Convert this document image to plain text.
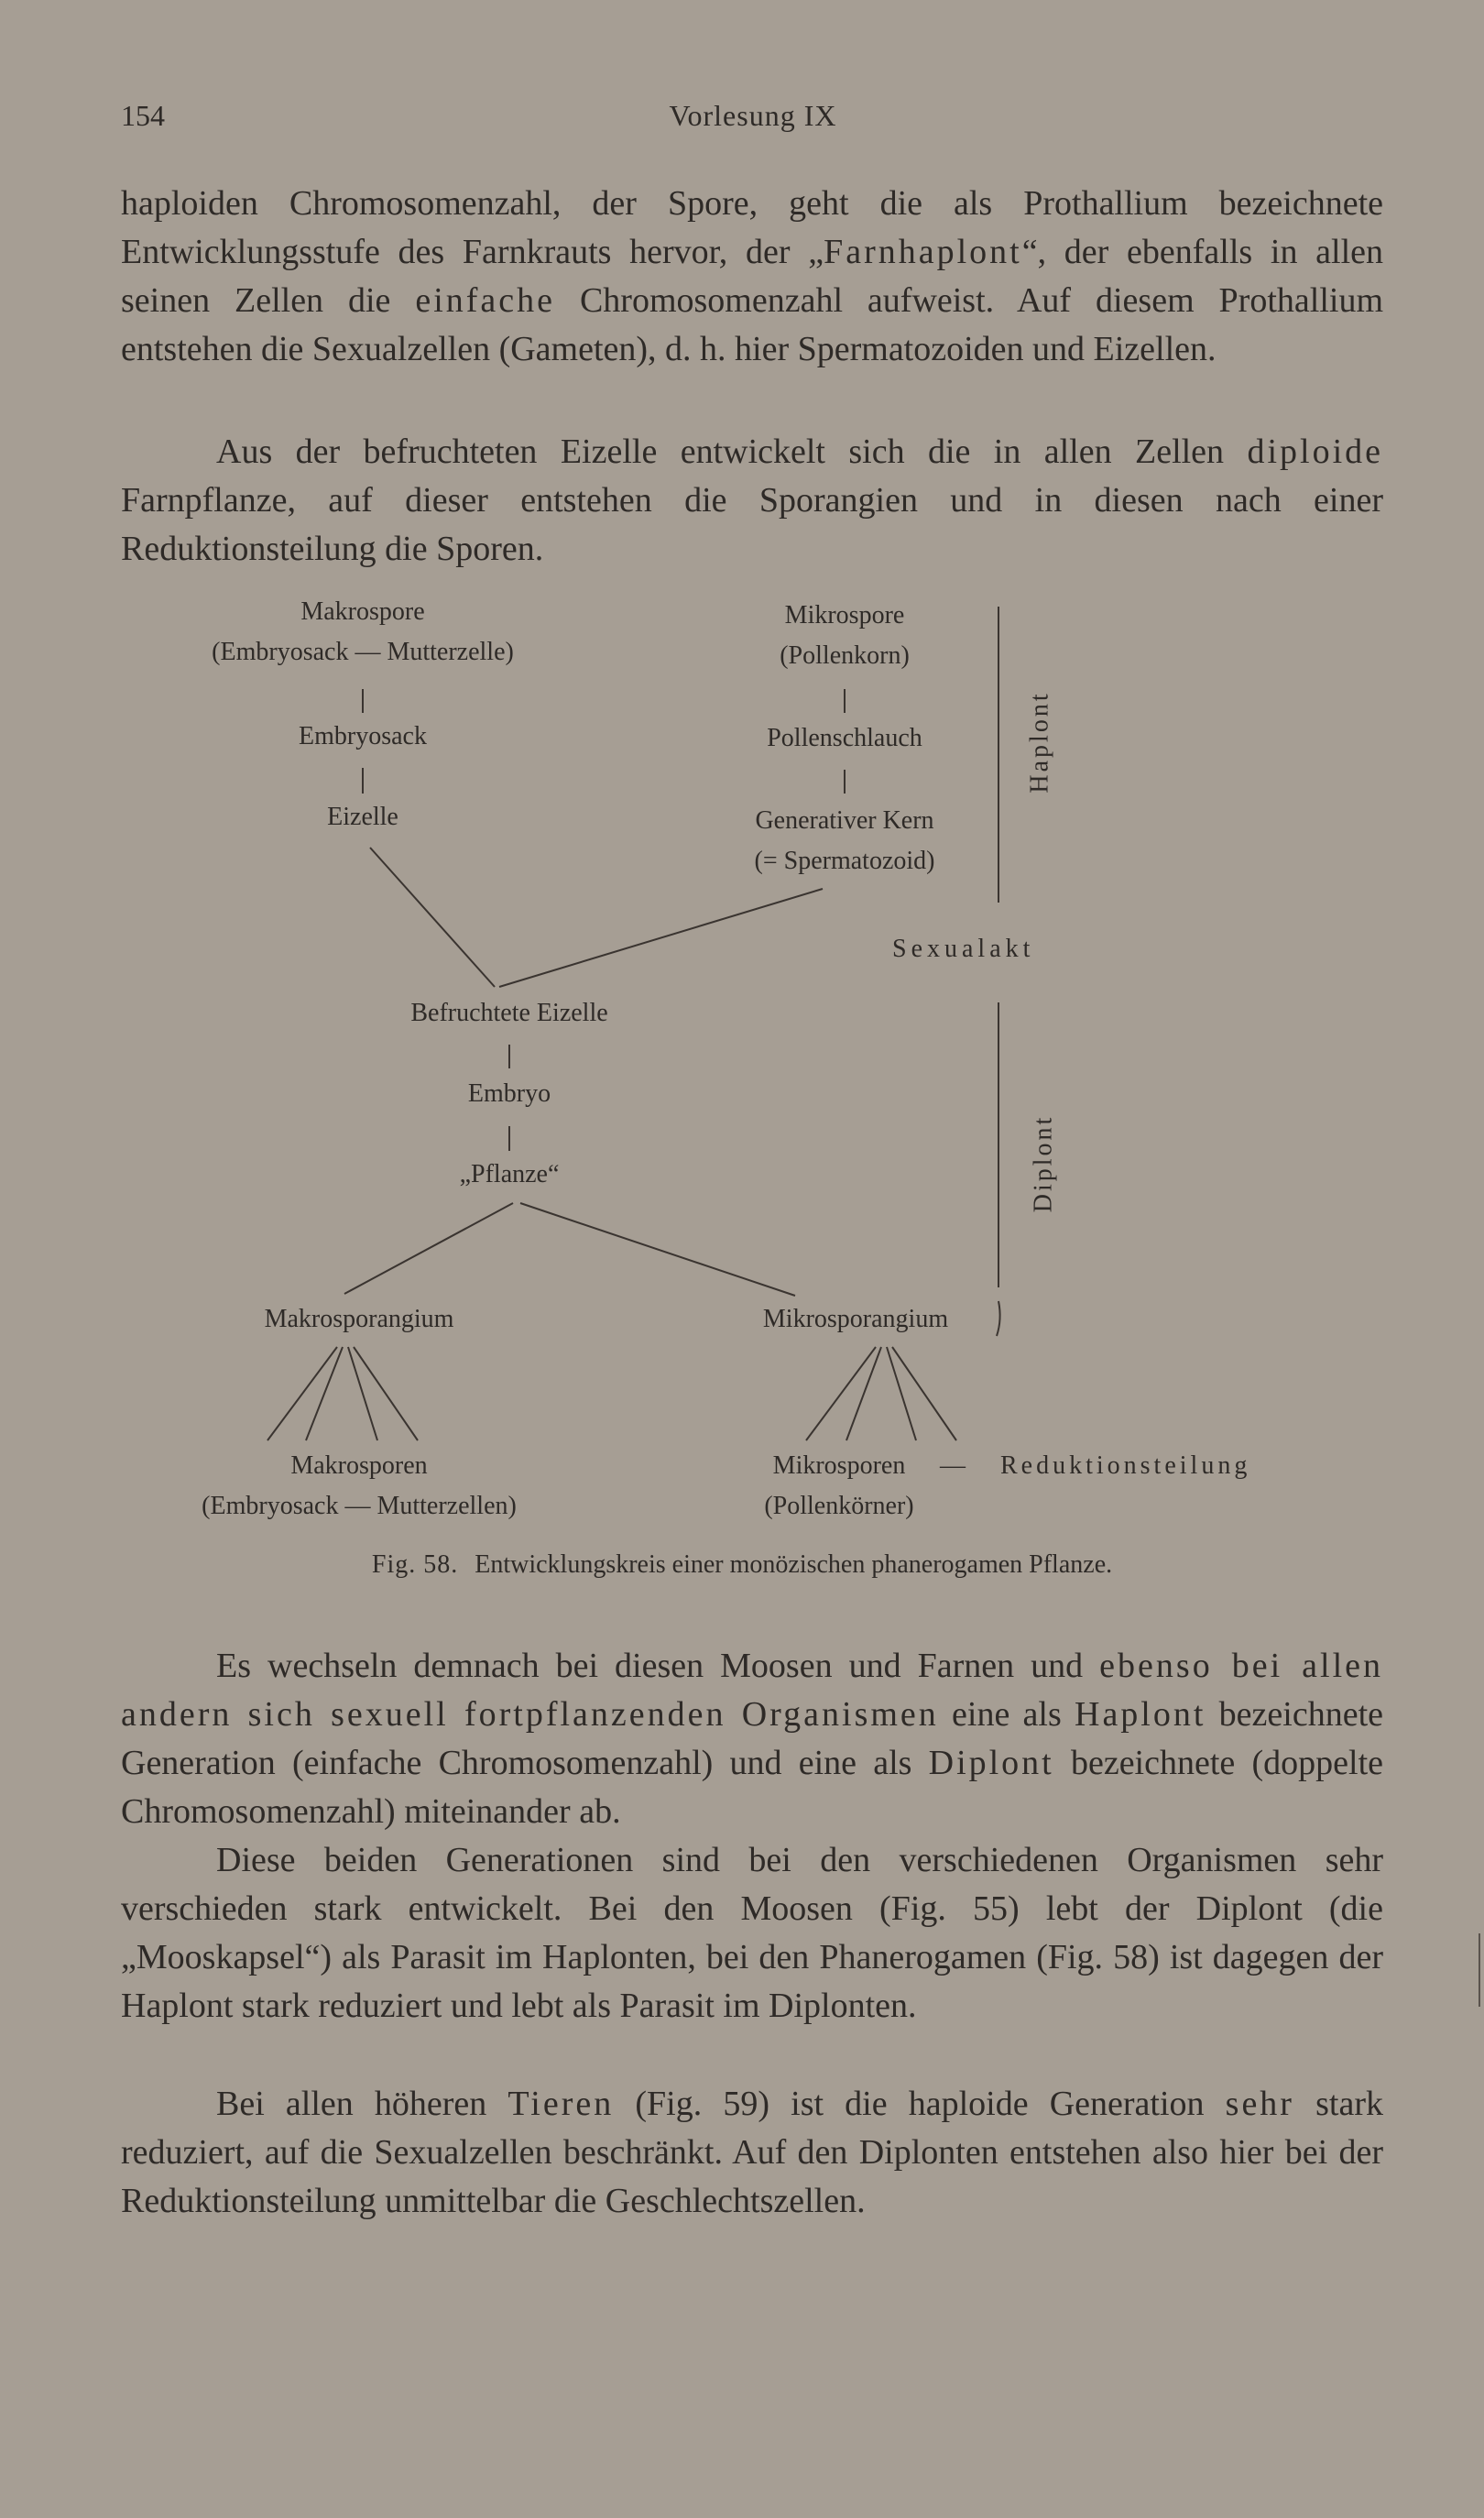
154	Vorlesung IX

haploiden Chromosomenzahl, der Spore, geht die als Prothallium bezeichnete Entwicklungsstufe des Farnkrauts hervor, der „Farnhaplont“, der ebenfalls in allen seinen Zellen die einfache Chromosomenzahl aufweist. Auf diesem Prothallium entstehen die Sexualzellen (Gameten), d. h. hier Spermatozoiden und Eizellen.

Aus der befruchteten Eizelle entwickelt sich die in allen Zellen diploide Farnpflanze, auf dieser entstehen die Sporangien und in diesen nach einer Reduktionsteilung die Sporen.

Makrospore
(Embryosack — Mutterzelle)
Embryosack
Eizelle
Mikrospore
(Pollenkorn)
Pollenschlauch
Generativer Kern
(= Spermatozoid)
Haplont
Sexualakt
Befruchtete Eizelle
Embryo
„Pflanze“	Diplont
Makrosporangium	Mikrosporangium
Makrosporen
(Embryosack — Mutterzellen)
Mikrosporen
(Pollenkörner)
— Reduktionsteilung
Fig. 58. Entwicklungskreis einer monözischen phanerogamen Pflanze.

Es wechseln demnach bei diesen Moosen und Farnen und ebenso bei allen andern sich sexuell fortpflanzenden Organismen eine als Haplont bezeichnete Generation (einfache Chromosomenzahl) und eine als Diplont bezeichnete (doppelte Chromosomenzahl) miteinander ab.

Diese beiden Generationen sind bei den verschiedenen Organismen sehr verschieden stark entwickelt. Bei den Moosen (Fig. 55) lebt der Diplont (die „Mooskapsel“) als Parasit im Haplonten, bei den Phanerogamen (Fig. 58) ist dagegen der Haplont stark reduziert und lebt als Parasit im Diplonten.

Bei allen höheren Tieren (Fig. 59) ist die haploide Generation sehr stark reduziert, auf die Sexualzellen beschränkt. Auf den Diplonten entstehen also hier bei der Reduktionsteilung unmittelbar die Geschlechtszellen.
